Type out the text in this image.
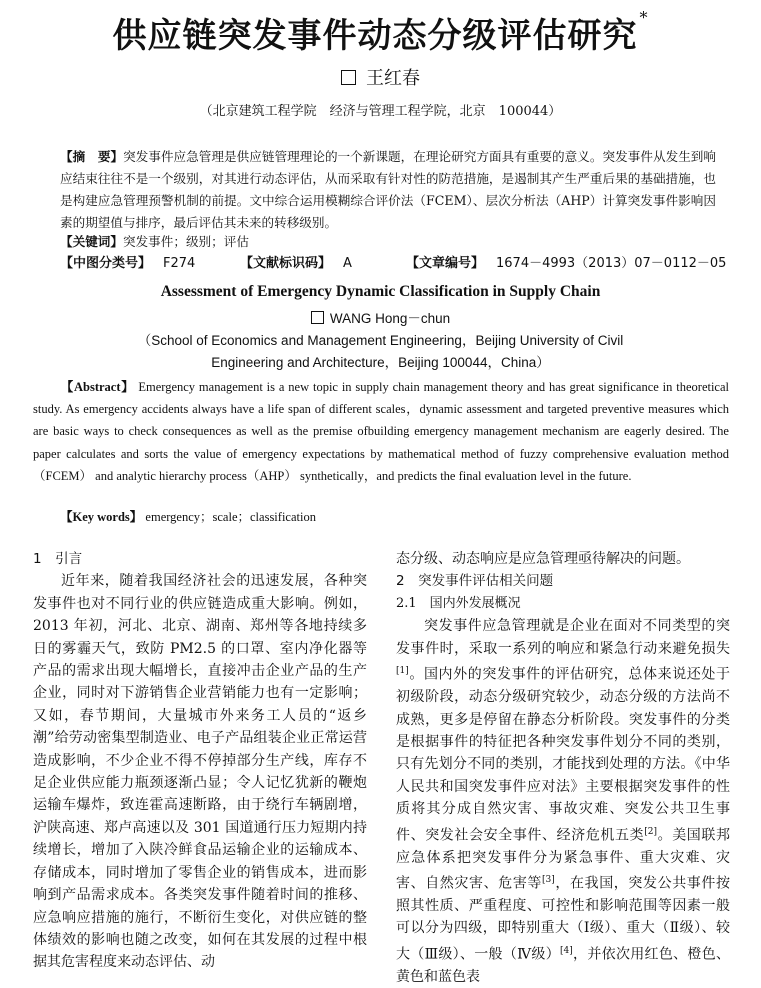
供应链突发事件动态分级评估研究 *
王红春
（北京建筑工程学院　经济与管理工程学院，北京　100044）
【摘　要】突发事件应急管理是供应链管理理论的一个新课题，在理论研究方面具有重要的意义。突发事件从发生到响应结束往往不是一个级别，对其进行动态评估，从而采取有针对性的防范措施，是遏制其产生严重后果的基础措施，也是构建应急管理预警机制的前提。文中综合运用模糊综合评价法（FCEM）、层次分析法（AHP）计算突发事件影响因素的期望值与排序，最后评估其未来的转移级别。
【关键词】突发事件；级别；评估
【中图分类号】 F274	【文献标识码】 A	【文章编号】 1674－4993（2013）07－0112－05
Assessment of Emergency Dynamic Classification in Supply Chain
WANG Hong－chun
（School of Economics and Management Engineering，Beijing University of Civil
Engineering and Architecture，Beijing 100044，China）
【Abstract】 Emergency management is a new topic in supply chain management theory and has great significance in theoretical study. As emergency accidents always have a life span of different scales，dynamic assessment and targeted preventive measures which are basic ways to check consequences as well as the premise ofbuilding emergency management mechanism are eagerly desired. The paper calculates and sorts the value of emergency expectations by mathematical method of fuzzy comprehensive evaluation method（FCEM） and analytic hierarchy process（AHP） synthetically，and predicts the final evaluation level in the future.
【Key words】 emergency；scale；classification
1　引言

近年来，随着我国经济社会的迅速发展，各种突发事件也对不同行业的供应链造成重大影响。例如，2013 年初，河北、北京、湖南、郑州等各地持续多日的雾霾天气，致防 PM2.5 的口罩、室内净化器等产品的需求出现大幅增长，直接冲击企业产品的生产企业，同时对下游销售企业营销能力也有一定影响；又如，春节期间，大量城市外来务工人员的“返乡潮”给劳动密集型制造业、电子产品组装企业正常运营造成影响，不少企业不得不停掉部分生产线，库存不足企业供应能力瓶颈逐渐凸显；令人记忆犹新的鞭炮运输车爆炸，致连霍高速断路，由于绕行车辆剧增，沪陕高速、郑卢高速以及 301 国道通行压力短期内持续增长，增加了入陕冷鲜食品运输企业的运输成本、存储成本，同时增加了零售企业的销售成本，进而影响到产品需求成本。各类突发事件随着时间的推移、应急响应措施的施行，不断衍生变化，对供应链的整体绩效的影响也随之改变，如何在其发展的过程中根据其危害程度来动态评估、动

态分级、动态响应是应急管理亟待解决的问题。

2　突发事件评估相关问题
2.1　国内外发展概况

突发事件应急管理就是企业在面对不同类型的突发事件时，采取一系列的响应和紧急行动来避免损失[1]。国内外的突发事件的评估研究，总体来说还处于初级阶段，动态分级研究较少，动态分级的方法尚不成熟，更多是停留在静态分析阶段。突发事件的分类是根据事件的特征把各种突发事件划分不同的类别，只有先划分不同的类别，才能找到处理的方法。《中华人民共和国突发事件应对法》主要根据突发事件的性质将其分成自然灾害、事故灾难、突发公共卫生事件、突发社会安全事件、经济危机五类[2]。美国联邦应急体系把突发事件分为紧急事件、重大灾难、灾害、自然灾害、危害等[3]，在我国，突发公共事件按照其性质、严重程度、可控性和影响范围等因素一般可以分为四级，即特别重大（Ⅰ级）、重大（Ⅱ级）、较大（Ⅲ级）、一般（Ⅳ级）[4]，并依次用红色、橙色、黄色和蓝色表
